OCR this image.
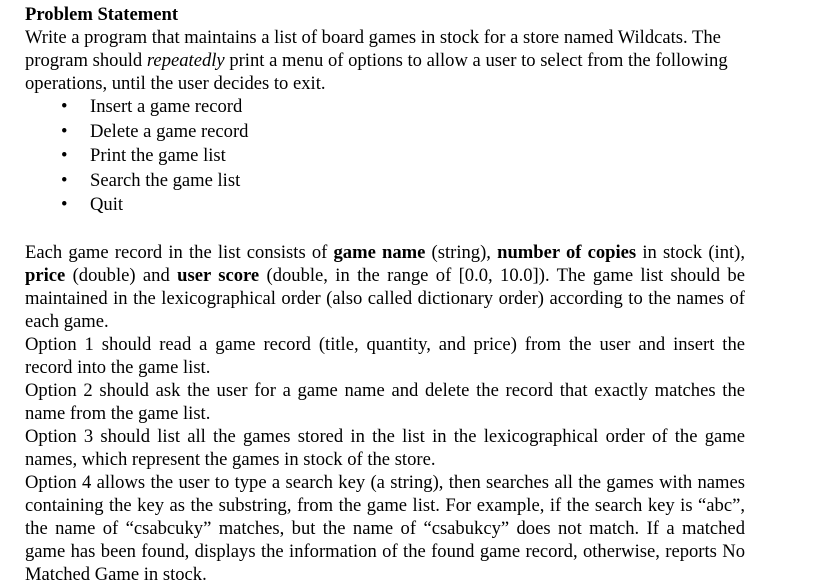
Problem Statement

Write a program that maintains a list of board games in stock for a store named Wildcats. The program should repeatedly print a menu of options to allow a user to select from the following operations, until the user decides to exit.

• Insert a game record
• Delete a game record
• Print the game list
• Search the game list
• Quit

Each game record in the list consists of game name (string), number of copies in stock (int), price (double) and user score (double, in the range of [0.0, 10.0]). The game list should be maintained in the lexicographical order (also called dictionary order) according to the names of each game.

Option 1 should read a game record (title, quantity, and price) from the user and insert the record into the game list.

Option 2 should ask the user for a game name and delete the record that exactly matches the name from the game list.

Option 3 should list all the games stored in the list in the lexicographical order of the game names, which represent the games in stock of the store.

Option 4 allows the user to type a search key (a string), then searches all the games with names containing the key as the substring, from the game list. For example, if the search key is “abc”, the name of “csabcuky” matches, but the name of “csabukcy” does not match. If a matched game has been found, displays the information of the found game record, otherwise, reports No Matched Game in stock.
